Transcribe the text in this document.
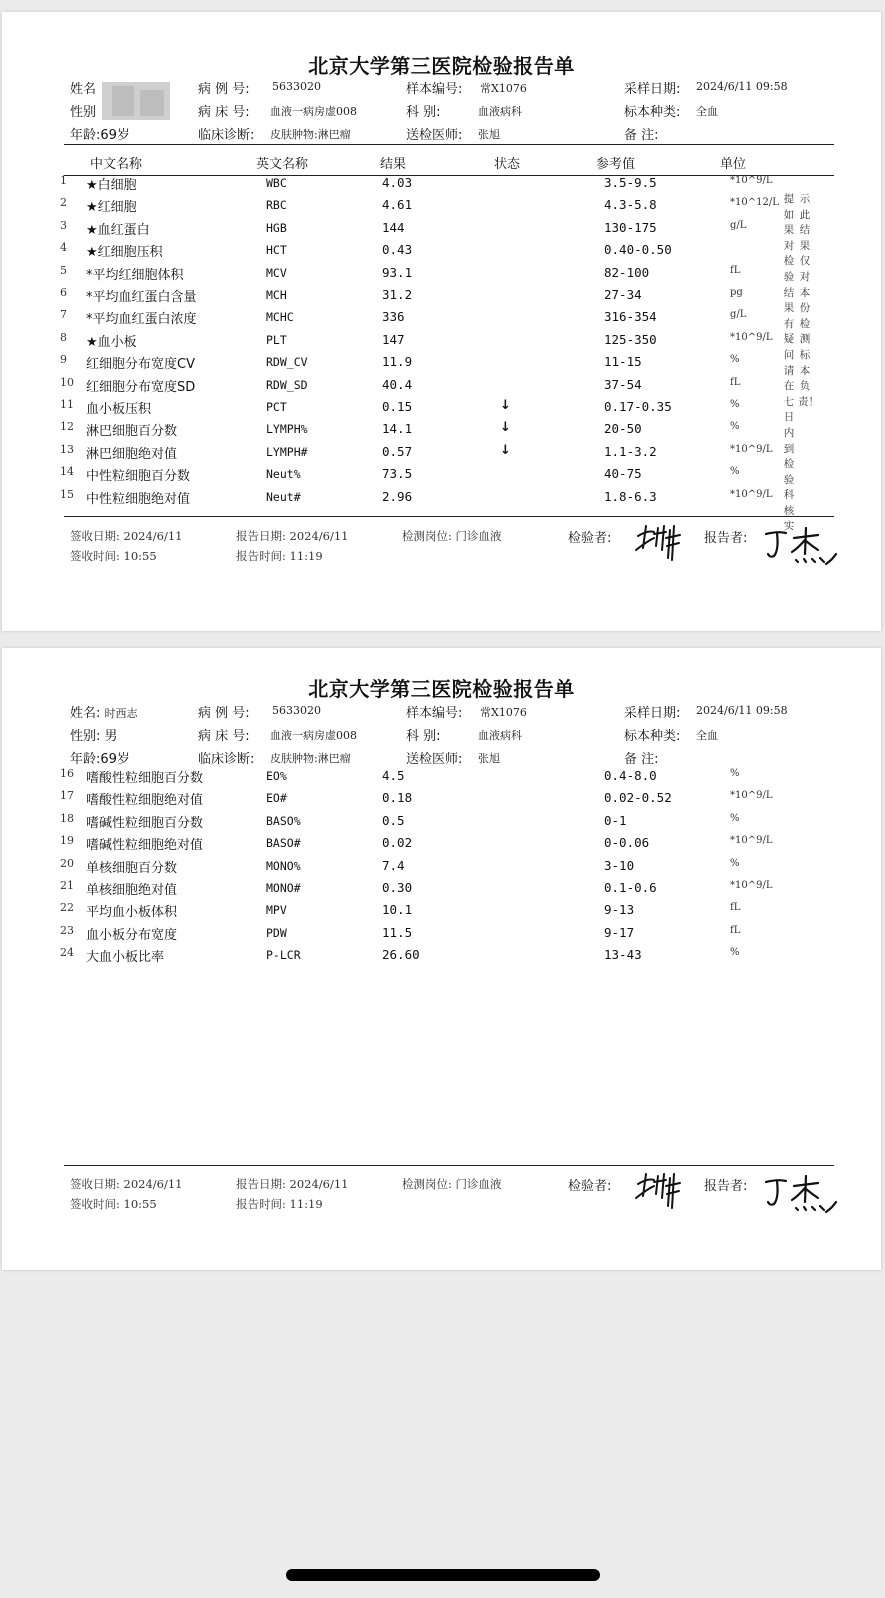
北京大学第三医院检验报告单
姓名	病 例 号: 5633020	样本编号: 常X1076	采样日期: 2024/6/11 09:58
性别	病 床 号: 血液一病房虚008	科 别:	血液病科	标本种类: 全血
年龄:69岁	临床诊断: 皮肤肿物:淋巴瘤	送检医师: 张旭	备 注:
中文名称	英文名称	结果	状态	参考值	单位
1 ★白细胞	WBC	4.03	3.5-9.5	*10^9/L
2 ★红细胞	RBC	4.61	4.3-5.8	*10^12/L
3 ★血红蛋白	HGB	144	130-175	g/L
4 ★红细胞压积	HCT	0.43	0.40-0.50
5 *平均红细胞体积	MCV	93.1	82-100	fL
6 *平均血红蛋白含量	MCH	31.2	27-34	pg
7 *平均血红蛋白浓度	MCHC	336	316-354	g/L
8 ★血小板	PLT	147	125-350	*10^9/L
9 红细胞分布宽度CV	RDW_CV	11.9	11-15	%
10 红细胞分布宽度SD	RDW_SD	40.4	37-54	fL
11 血小板压积	PCT	0.15	↓	0.17-0.35	%
12 淋巴细胞百分数	LYMPH%	14.1	↓	20-50	%
13 淋巴细胞绝对值	LYMPH#	0.57	↓	1.1-3.2	*10^9/L
14 中性粒细胞百分数	Neut%	73.5	40-75	%
15 中性粒细胞绝对值	Neut#	2.96	1.8-6.3	*10^9/L
提如果对检验结果有疑问请在七日内到检验科核实
示此结果仅对本份检测标本负责！
签收日期: 2024/6/11
签收时间: 10:55
报告日期: 2024/6/11
报告时间: 11:19
检测岗位: 门诊血液	检验者:	报告者:
北京大学第三医院检验报告单
姓名: 时西志	病 例 号: 5633020	样本编号: 常X1076	采样日期: 2024/6/11 09:58
性别: 男	病 床 号: 血液一病房虚008	科 别:	血液病科	标本种类: 全血
年龄:69岁	临床诊断: 皮肤肿物:淋巴瘤	送检医师: 张旭	备 注:
16 嗜酸性粒细胞百分数	EO%	4.5	0.4-8.0	%
17 嗜酸性粒细胞绝对值	EO#	0.18	0.02-0.52	*10^9/L
18 嗜碱性粒细胞百分数	BASO%	0.5	0-1	%
19 嗜碱性粒细胞绝对值	BASO#	0.02	0-0.06	*10^9/L
20 单核细胞百分数	MONO%	7.4	3-10	%
21 单核细胞绝对值	MONO#	0.30	0.1-0.6	*10^9/L
22 平均血小板体积	MPV	10.1	9-13	fL
23 血小板分布宽度	PDW	11.5	9-17	fL
24 大血小板比率	P-LCR	26.60	13-43	%
签收日期: 2024/6/11
签收时间: 10:55
报告日期: 2024/6/11
报告时间: 11:19
检测岗位: 门诊血液	检验者:	报告者:
